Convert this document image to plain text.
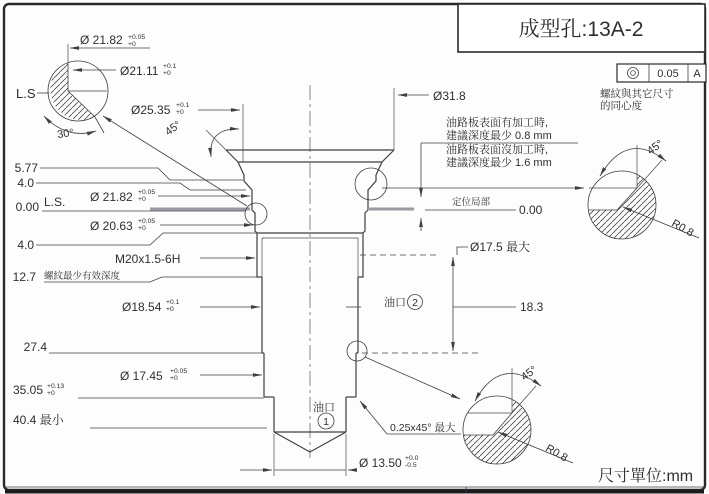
成型孔:13A-2
0.05 A
螺紋與其它尺寸
的同心度
30°
L.S
Ø 21.82 +0.05
+0
Ø21.11 +0.1
+0
Ø25.35 +0.1
+0
45°
Ø31.8
油路板表面有加工時,
建議深度最少 0.8 mm
油路板表面沒加工時,
建議深度最少 1.6 mm
定位局部
0.00
5.77
4.0
0.00 L.S.
4.0
12.7 螺紋最少有效深度
27.4
35.05 +0.13
+0
40.4 最小
Ø 21.82 +0.05
+0
Ø 20.63 +0.05
+0
M20x1.5-6H
Ø18.54 +0.1
+0
Ø 17.45 +0.05
+0
Ø17.5 最大
18.3
油口 2
油口
1	0.25x45° 最大
Ø 13.50 +0.0
-0.5
45°
R0.8
45°
R0.8
尺寸單位:mm
